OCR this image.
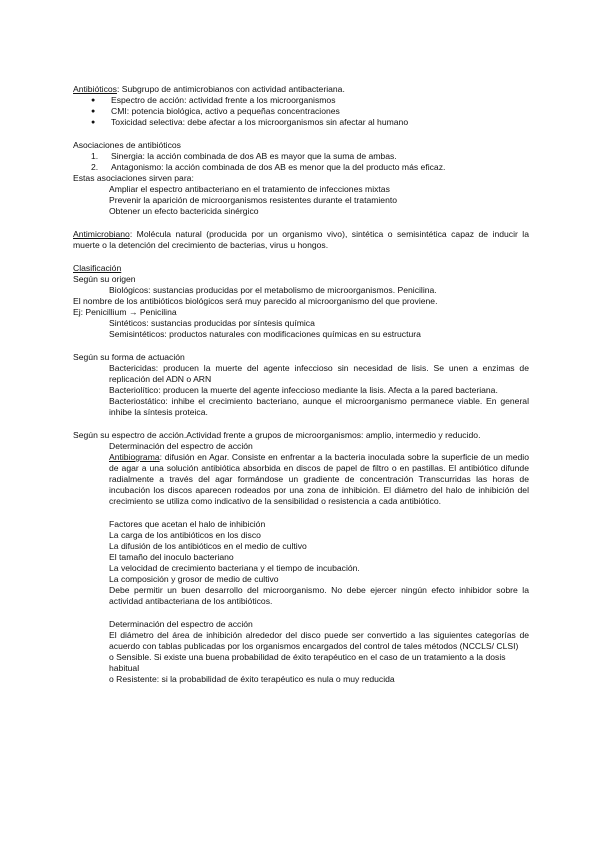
Antibióticos: Subgrupo de antimicrobianos con actividad antibacteriana.

● Espectro de acción: actividad frente a los microorganismos
● CMI: potencia biológica, activo a pequeñas concentraciones
● Toxicidad selectiva: debe afectar a los microorganismos sin afectar al humano

Asociaciones de antibióticos

1. Sinergia: la acción combinada de dos AB es mayor que la suma de ambas.
2. Antagonismo: la acción combinada de dos AB es menor que la del producto más eficaz.

Estas asociaciones sirven para:

Ampliar el espectro antibacteriano en el tratamiento de infecciones mixtas

Prevenir la aparición de microorganismos resistentes durante el tratamiento

Obtener un efecto bactericida sinérgico

Antimicrobiano: Molécula natural (producida por un organismo vivo), sintética o semisintética capaz de inducir la muerte o la detención del crecimiento de bacterias, virus u hongos.

Clasificación

Según su origen

Biológicos: sustancias producidas por el metabolismo de microorganismos. Penicilina.

El nombre de los antibióticos biológicos será muy parecido al microorganismo del que proviene.

Ej: Penicillium → Penicilina

Sintéticos: sustancias producidas por síntesis química

Semisintéticos: productos naturales con modificaciones químicas en su estructura

Según su forma de actuación

Bactericidas: producen la muerte del agente infeccioso sin necesidad de lisis. Se unen a enzimas de replicación del ADN o ARN

Bacteriolítico: producen la muerte del agente infeccioso mediante la lisis. Afecta a la pared bacteriana.

Bacteriostático: inhibe el crecimiento bacteriano, aunque el microorganismo permanece viable. En general inhibe la síntesis proteica.

Según su espectro de acción.Actividad frente a grupos de microorganismos: amplio, intermedio y reducido.

Determinación del espectro de acción

Antibiograma: difusión en Agar. Consiste en enfrentar a la bacteria inoculada sobre la superficie de un medio de agar a una solución antibiótica absorbida en discos de papel de filtro o en pastillas. El antibiótico difunde radialmente a través del agar formándose un gradiente de concentración Transcurridas las horas de incubación los discos aparecen rodeados por una zona de inhibición. El diámetro del halo de inhibición del crecimiento se utiliza como indicativo de la sensibilidad o resistencia a cada antibiótico.

Factores que acetan el halo de inhibición

La carga de los antibióticos en los disco

La difusión de los antibióticos en el medio de cultivo

El tamaño del inoculo bacteriano

La velocidad de crecimiento bacteriana y el tiempo de incubación.

La composición y grosor de medio de cultivo

Debe permitir un buen desarrollo del microorganismo. No debe ejercer ningún efecto inhibidor sobre la actividad antibacteriana de los antibióticos.

Determinación del espectro de acción

El diámetro del área de inhibición alrededor del disco puede ser convertido a las siguientes categorías de acuerdo con tablas publicadas por los organismos encargados del control de tales métodos (NCCLS/ CLSI)

o Sensible. Si existe una buena probabilidad de éxito terapéutico en el caso de un tratamiento a la dosis habitual

o Resistente: si la probabilidad de éxito terapéutico es nula o muy reducida
